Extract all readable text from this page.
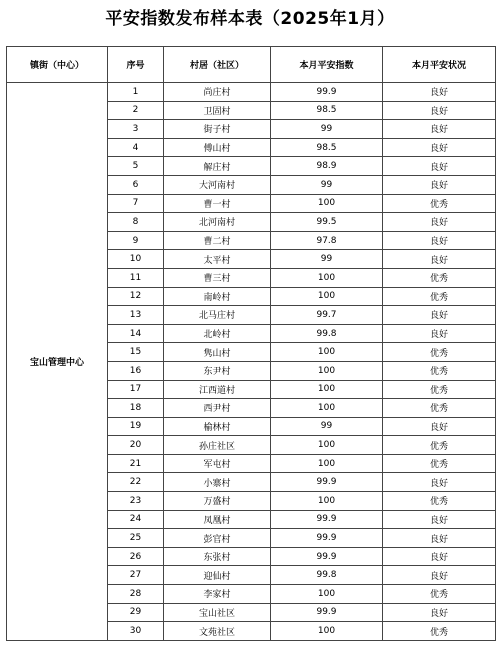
平安指数发布样本表（2025年1月）
镇街（中心）	序号	村居（社区）	本月平安指数	本月平安状况
宝山管理中心	1	尚庄村	99.9	良好
	2	卫固村	98.5	良好
	3	街子村	99	良好
	4	傅山村	98.5	良好
	5	解庄村	98.9	良好
	6	大河南村	99	良好
	7	曹一村	100	优秀
	8	北河南村	99.5	良好
	9	曹二村	97.8	良好
	10	太平村	99	良好
	11	曹三村	100	优秀
	12	南岭村	100	优秀
	13	北马庄村	99.7	良好
	14	北岭村	99.8	良好
	15	隽山村	100	优秀
	16	东尹村	100	优秀
	17	江西道村	100	优秀
	18	西尹村	100	优秀
	19	榆林村	99	良好
	20	孙庄社区	100	优秀
	21	军屯村	100	优秀
	22	小寨村	99.9	良好
	23	万盛村	100	优秀
	24	凤凰村	99.9	良好
	25	彭官村	99.9	良好
	26	东张村	99.9	良好
	27	迎仙村	99.8	良好
	28	李家村	100	优秀
	29	宝山社区	99.9	良好
	30	文苑社区	100	优秀
